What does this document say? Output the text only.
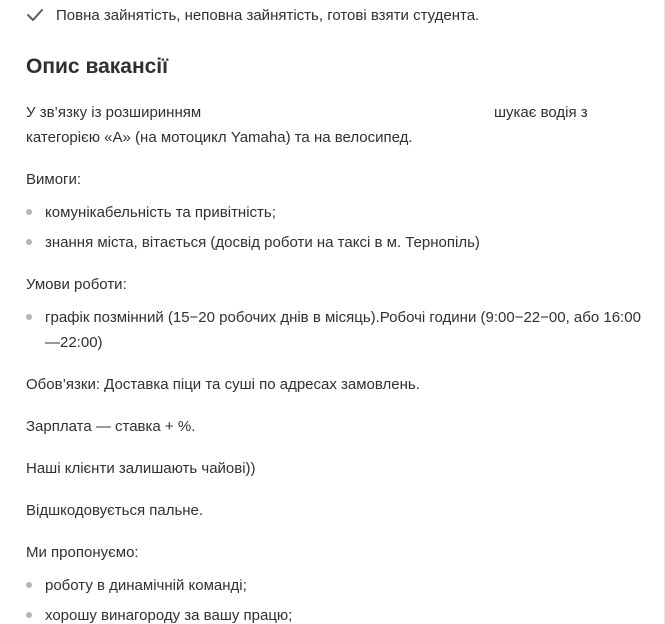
Повна зайнятість, неповна зайнятість, готові взяти студента.
Опис вакансії
У зв’язку із розширинням	шукає водія з
категорією «А» (на мотоцикл Yamaha) та на велосипед.

Вимоги:

комунікабельність та привітність;
знання міста, вітається (досвід роботи на таксі в м. Тернопіль)

Умови роботи:

графік позмінний (15−20 робочих днів в місяць).Робочі години (9:00−22−00, або 16:00—22:00)

Обов’язки: Доставка піци та суші по адресах замовлень.

Зарплата — ставка + %.

Наші клієнти залишають чайові))

Відшкодовується пальне.

Ми пропонуємо:

роботу в динамічній команді;
хорошу винагороду за вашу працю;
